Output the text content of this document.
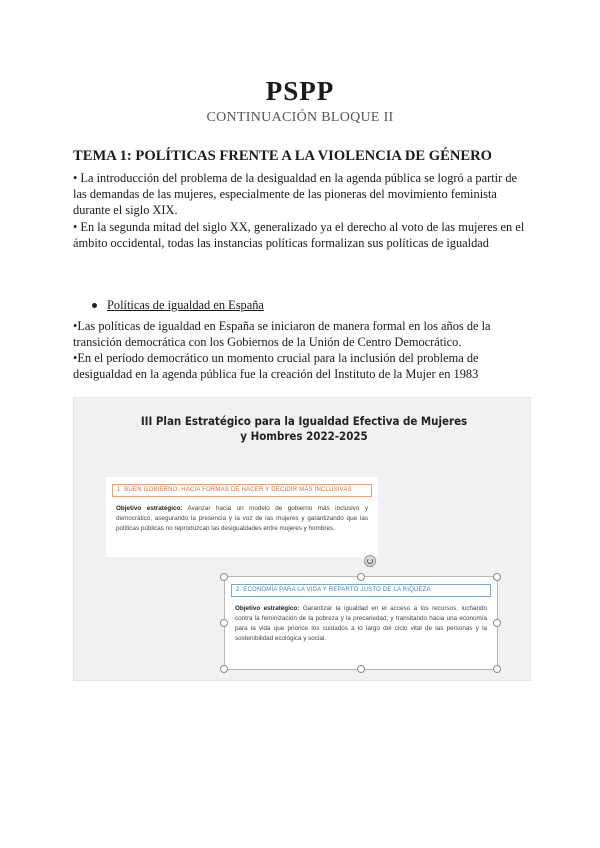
PSPP
CONTINUACIÓN BLOQUE II
TEMA 1: POLÍTICAS FRENTE A LA VIOLENCIA DE GÉNERO
• La introducción del problema de la desigualdad en la agenda pública se logró a partir de las demandas de las mujeres, especialmente de las pioneras del movimiento feminista durante el siglo XIX.
• En la segunda mitad del siglo XX, generalizado ya el derecho al voto de las mujeres en el ámbito occidental, todas las instancias políticas formalizan sus políticas de igualdad
Políticas de igualdad en España
•Las políticas de igualdad en España se iniciaron de manera formal en los años de la transición democrática con los Gobiernos de la Unión de Centro Democrático.
•En el período democrático un momento crucial para la inclusión del problema de desigualdad en la agenda pública fue la creación del Instituto de la Mujer en 1983
III Plan Estratégico para la Igualdad Efectiva de Mujeres
y Hombres 2022-2025
1. BUEN GOBIERNO: HACIA FORMAS DE HACER Y DECIDIR MÁS INCLUSIVAS
Objetivo estratégico: Avanzar hacia un modelo de gobierno más inclusivo y democrático, asegurando la presencia y la voz de las mujeres y garantizando que las políticas públicas no reproduzcan las desigualdades entre mujeres y hombres.
2. ECONOMÍA PARA LA VIDA Y REPARTO JUSTO DE LA RIQUEZA
Objetivo estratégico: Garantizar la igualdad en el acceso a los recursos, luchando contra la feminización de la pobreza y la precariedad; y transitando hacia una economía para la vida que priorice los cuidados a lo largo del ciclo vital de las personas y la sostenibilidad ecológica y social.
